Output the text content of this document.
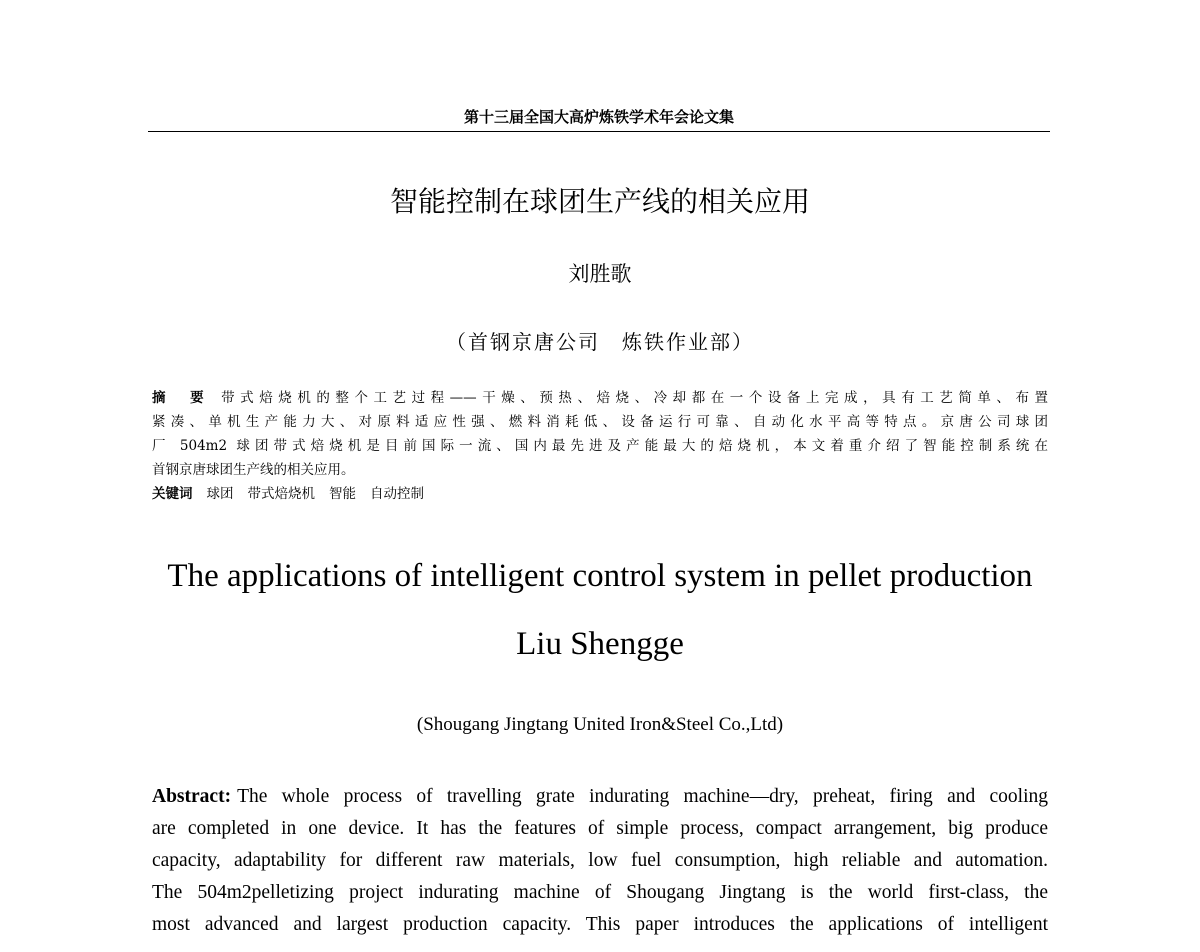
第十三届全国大高炉炼铁学术年会论文集
智能控制在球团生产线的相关应用
刘胜歌
（首钢京唐公司　炼铁作业部）
摘　要 带式焙烧机的整个工艺过程——干燥、预热、焙烧、冷却都在一个设备上完成，具有工艺简单、布置
紧凑、单机生产能力大、对原料适应性强、燃料消耗低、设备运行可靠、自动化水平高等特点。京唐公司球团
厂 504m2 球团带式焙烧机是目前国际一流、国内最先进及产能最大的焙烧机，本文着重介绍了智能控制系统在
首钢京唐球团生产线的相关应用。
关键词 球团 带式焙烧机 智能 自动控制
The applications of intelligent control system in pellet production
Liu Shengge
(Shougang Jingtang United Iron&Steel Co.,Ltd)
Abstract: The whole process of travelling grate indurating machine—dry, preheat, firing and cooling
are completed in one device. It has the features of simple process, compact arrangement, big produce
capacity, adaptability for different raw materials, low fuel consumption, high reliable and automation.
The 504m2pelletizing project indurating machine of Shougang Jingtang is the world first-class, the
most advanced and largest production capacity. This paper introduces the applications of intelligent
